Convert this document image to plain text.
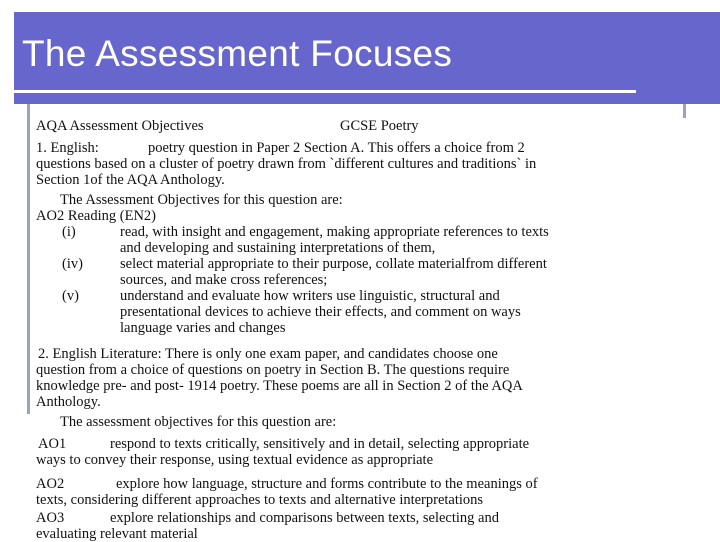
The Assessment Focuses
AQA Assessment Objectives	GCSE Poetry
1. English:	poetry question in Paper 2 Section A. This offers a choice from 2
questions based on a cluster of poetry drawn from `different cultures and traditions` in
Section 1of the AQA Anthology.
The Assessment Objectives for this question are:
AO2 Reading (EN2)
(i)	read, with insight and engagement, making appropriate references to texts
and developing and sustaining interpretations of them,
(iv)	select material appropriate to their purpose, collate materialfrom different
sources, and make cross references;
(v)	understand and evaluate how writers use linguistic, structural and
presentational devices to achieve their effects, and comment on ways
language varies and changes
2. English Literature: There is only one exam paper, and candidates choose one
question from a choice of questions on poetry in Section B. The questions require
knowledge pre- and post- 1914 poetry. These poems are all in Section 2 of the AQA
Anthology.
The assessment objectives for this question are:
AO1	respond to texts critically, sensitively and in detail, selecting appropriate
ways to convey their response, using textual evidence as appropriate
AO2	explore how language, structure and forms contribute to the meanings of
texts, considering different approaches to texts and alternative interpretations
AO3	explore relationships and comparisons between texts, selecting and
evaluating relevant material
